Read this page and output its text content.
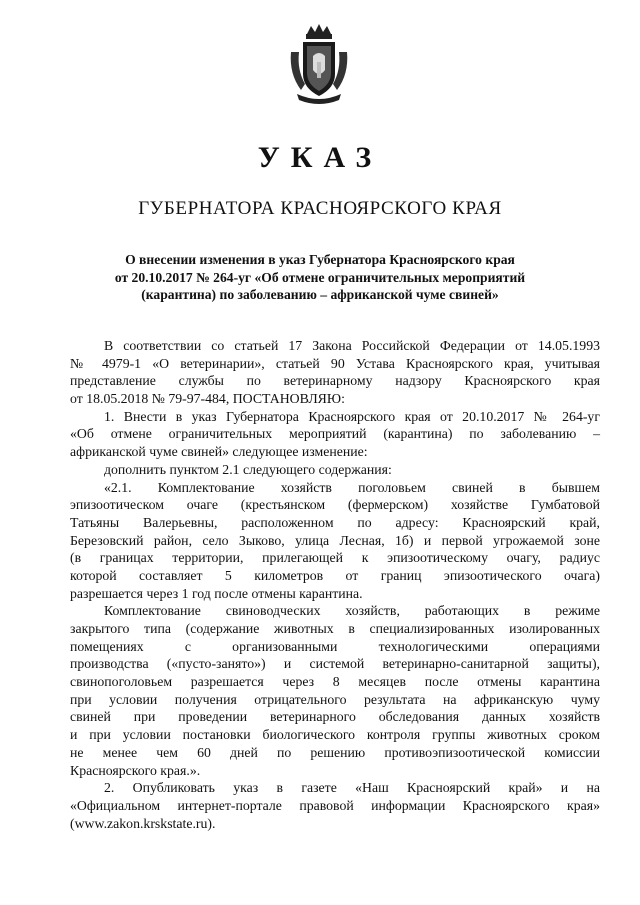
УКАЗ
ГУБЕРНАТОРА КРАСНОЯРСКОГО КРАЯ
О внесении изменения в указ Губернатора Красноярского края
от 20.10.2017 № 264-уг «Об отмене ограничительных мероприятий
(карантина) по заболеванию – африканской чуме свиней»
В соответствии со статьей 17 Закона Российской Федерации от 14.05.1993
№ 4979-1 «О ветеринарии», статьей 90 Устава Красноярского края, учитывая
представление службы по ветеринарному надзору Красноярского края
от 18.05.2018 № 79-97-484, ПОСТАНОВЛЯЮ:
1. Внести в указ Губернатора Красноярского края от 20.10.2017 № 264-уг
«Об отмене ограничительных мероприятий (карантина) по заболеванию –
африканской чуме свиней» следующее изменение:
дополнить пунктом 2.1 следующего содержания:
«2.1. Комплектование хозяйств поголовьем свиней в бывшем
эпизоотическом очаге (крестьянском (фермерском) хозяйстве Гумбатовой
Татьяны Валерьевны, расположенном по адресу: Красноярский край,
Березовский район, село Зыково, улица Лесная, 1б) и первой угрожаемой зоне
(в границах территории, прилегающей к эпизоотическому очагу, радиус
которой составляет 5 километров от границ эпизоотического очага)
разрешается через 1 год после отмены карантина.
Комплектование свиноводческих хозяйств, работающих в режиме
закрытого типа (содержание животных в специализированных изолированных
помещениях с организованными технологическими операциями
производства («пусто-занято») и системой ветеринарно-санитарной защиты),
свинопоголовьем разрешается через 8 месяцев после отмены карантина
при условии получения отрицательного результата на африканскую чуму
свиней при проведении ветеринарного обследования данных хозяйств
и при условии постановки биологического контроля группы животных сроком
не менее чем 60 дней по решению противоэпизоотической комиссии
Красноярского края.».
2. Опубликовать указ в газете «Наш Красноярский край» и на
«Официальном интернет-портале правовой информации Красноярского края»
(www.zakon.krskstate.ru).
